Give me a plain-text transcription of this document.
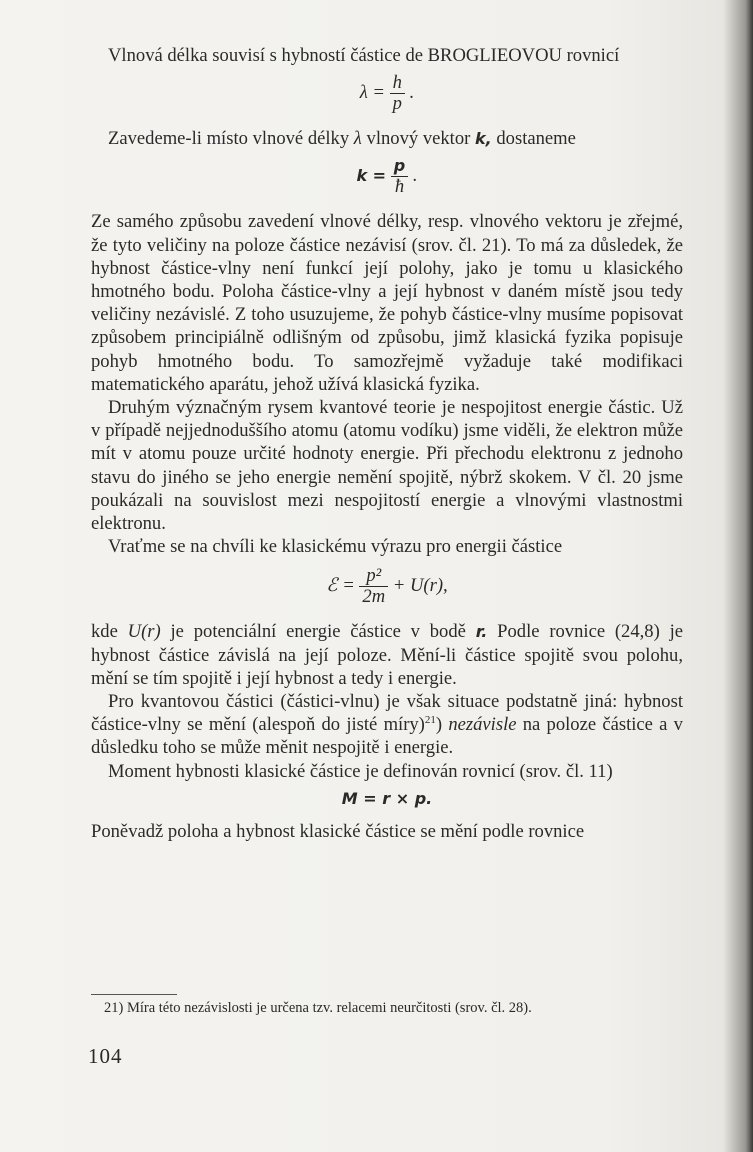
Vlnová délka souvisí s hybností částice de BROGLIEOVOU rovnicí

$\lambda = \frac{h}{p}$ .

Zavedeme-li místo vlnové délky λ vlnový vektor k, dostaneme

$k = \frac{p}{ħ}$ .

Ze samého způsobu zavedení vlnové délky, resp. vlnového vektoru je zřejmé, že tyto veličiny na poloze částice nezávisí (srov. čl. 21). To má za důsledek, že hybnost částice-vlny není funkcí její polohy, jako je tomu u klasického hmotného bodu. Poloha částice-vlny a její hybnost v daném místě jsou tedy veličiny nezávislé. Z toho usuzujeme, že pohyb částice-vlny musíme popisovat způsobem principiálně odlišným od způsobu, jimž klasická fyzika popisuje pohyb hmotného bodu. To samozřejmě vyžaduje také modifikaci matematického aparátu, jehož užívá klasická fyzika.

Druhým význačným rysem kvantové teorie je nespojitost energie částic. Už v případě nejjednoduššího atomu (atomu vodíku) jsme viděli, že elektron může mít v atomu pouze určité hodnoty energie. Při přechodu elektronu z jednoho stavu do jiného se jeho energie nemění spojitě, nýbrž skokem. V čl. 20 jsme poukázali na souvislost mezi nespojitostí energie a vlnovými vlastnostmi elektronu.

Vraťme se na chvíli ke klasickému výrazu pro energii částice

ℰ = $\frac{\text{p²}}{2m} + U(r)$,

kde U(r) je potenciální energie částice v bodě r. Podle rovnice (24,8) je hybnost částice závislá na její poloze. Mění-li částice spojitě svou polohu, mění se tím spojitě i její hybnost a tedy i energie.

Pro kvantovou částici (částici-vlnu) je však situace podstatně jiná: hybnost částice-vlny se mění (alespoň do jisté míry)$^{21}$) nezávisle na poloze částice a v důsledku toho se může měnit nespojitě i energie.

Moment hybnosti klasické částice je definován rovnicí (srov. čl. 11)

M = r × p.

Poněvadž poloha a hybnost klasické částice se mění podle rovnice

21) Míra této nezávislosti je určena tzv. relacemi neurčitosti (srov. čl. 28).
104
